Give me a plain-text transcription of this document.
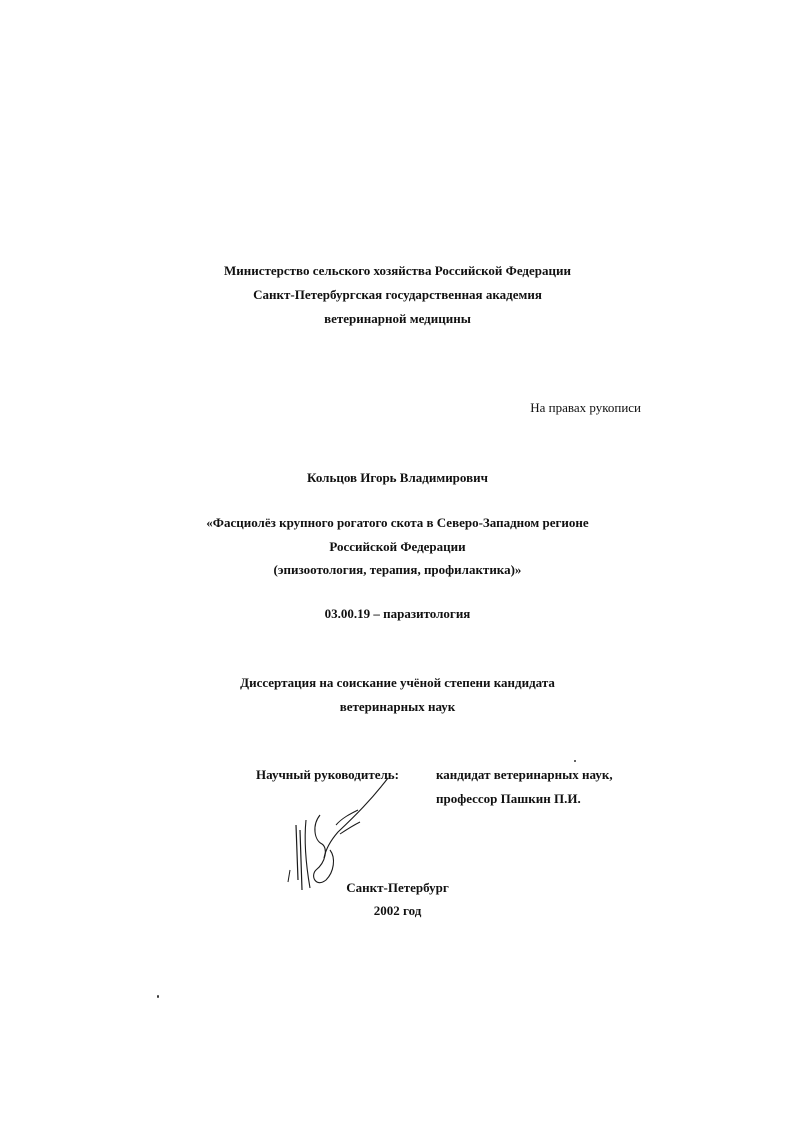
Министерство сельского хозяйства Российской Федерации
Санкт-Петербургская государственная академия
ветеринарной медицины
На правах рукописи
Кольцов Игорь Владимирович
«Фасциолёз крупного рогатого скота в Северо-Западном регионе
Российской Федерации
(эпизоотология, терапия, профилактика)»
03.00.19 – паразитология
Диссертация на соискание учёной степени кандидата
ветеринарных наук
Научный руководитель:	кандидат ветеринарных наук,
профессор Пашкин П.И.
Санкт-Петербург
2002 год
